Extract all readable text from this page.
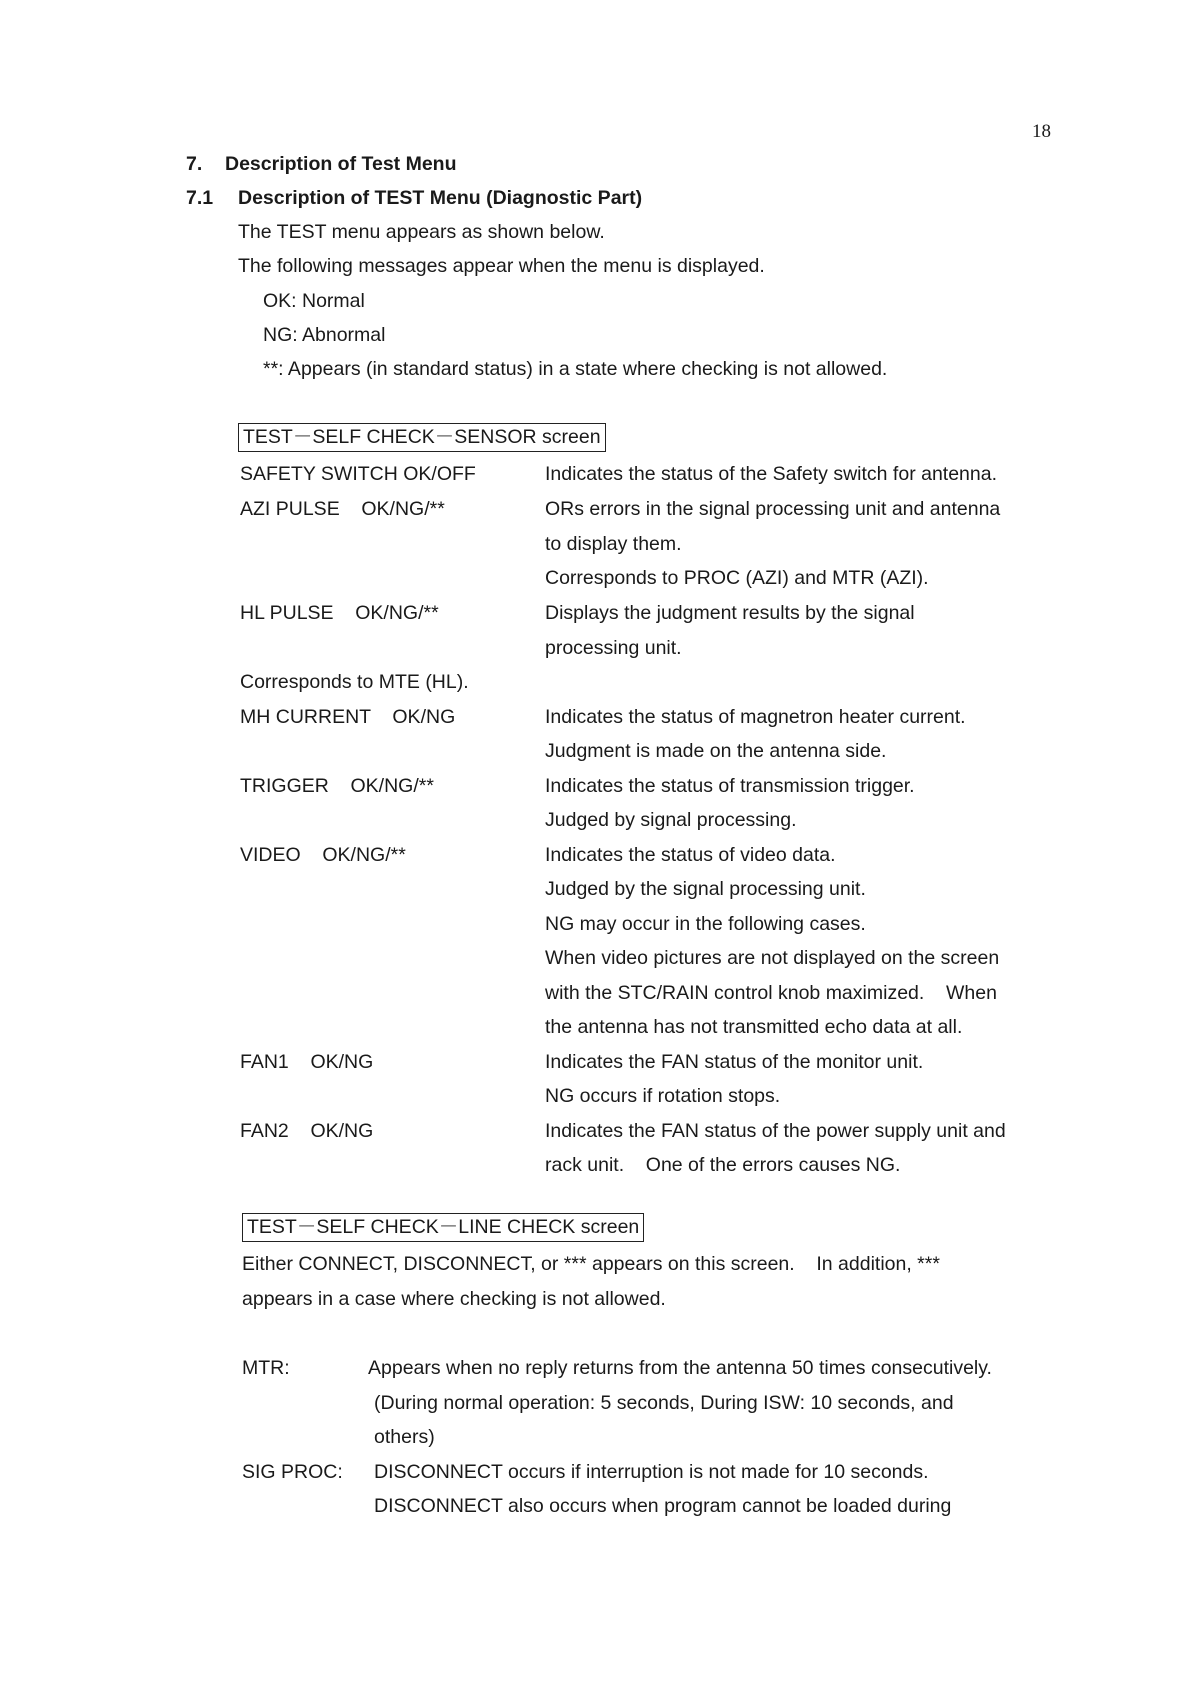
18
7. Description of Test Menu
7.1 Description of TEST Menu (Diagnostic Part)
The TEST menu appears as shown below.
The following messages appear when the menu is displayed.
OK: Normal
NG: Abnormal
**: Appears (in standard status) in a state where checking is not allowed.
TEST－SELF CHECK－SENSOR screen
SAFETY SWITCH OK/OFF	Indicates the status of the Safety switch for antenna.
AZI PULSE    OK/NG/**	ORs errors in the signal processing unit and antenna
to display them.
Corresponds to PROC (AZI) and MTR (AZI).
HL PULSE    OK/NG/**	Displays the judgment results by the signal
processing unit.
Corresponds to MTE (HL).
MH CURRENT    OK/NG	Indicates the status of magnetron heater current.
Judgment is made on the antenna side.
TRIGGER    OK/NG/**	Indicates the status of transmission trigger.
Judged by signal processing.
VIDEO    OK/NG/**	Indicates the status of video data.
Judged by the signal processing unit.
NG may occur in the following cases.
When video pictures are not displayed on the screen
with the STC/RAIN control knob maximized.    When
the antenna has not transmitted echo data at all.
FAN1    OK/NG	Indicates the FAN status of the monitor unit.
NG occurs if rotation stops.
FAN2    OK/NG	Indicates the FAN status of the power supply unit and
rack unit.    One of the errors causes NG.
TEST－SELF CHECK－LINE CHECK screen
Either CONNECT, DISCONNECT, or *** appears on this screen.    In addition, ***
appears in a case where checking is not allowed.
MTR:	Appears when no reply returns from the antenna 50 times consecutively.
(During normal operation: 5 seconds, During ISW: 10 seconds, and
others)
SIG PROC: DISCONNECT occurs if interruption is not made for 10 seconds.
DISCONNECT also occurs when program cannot be loaded during
